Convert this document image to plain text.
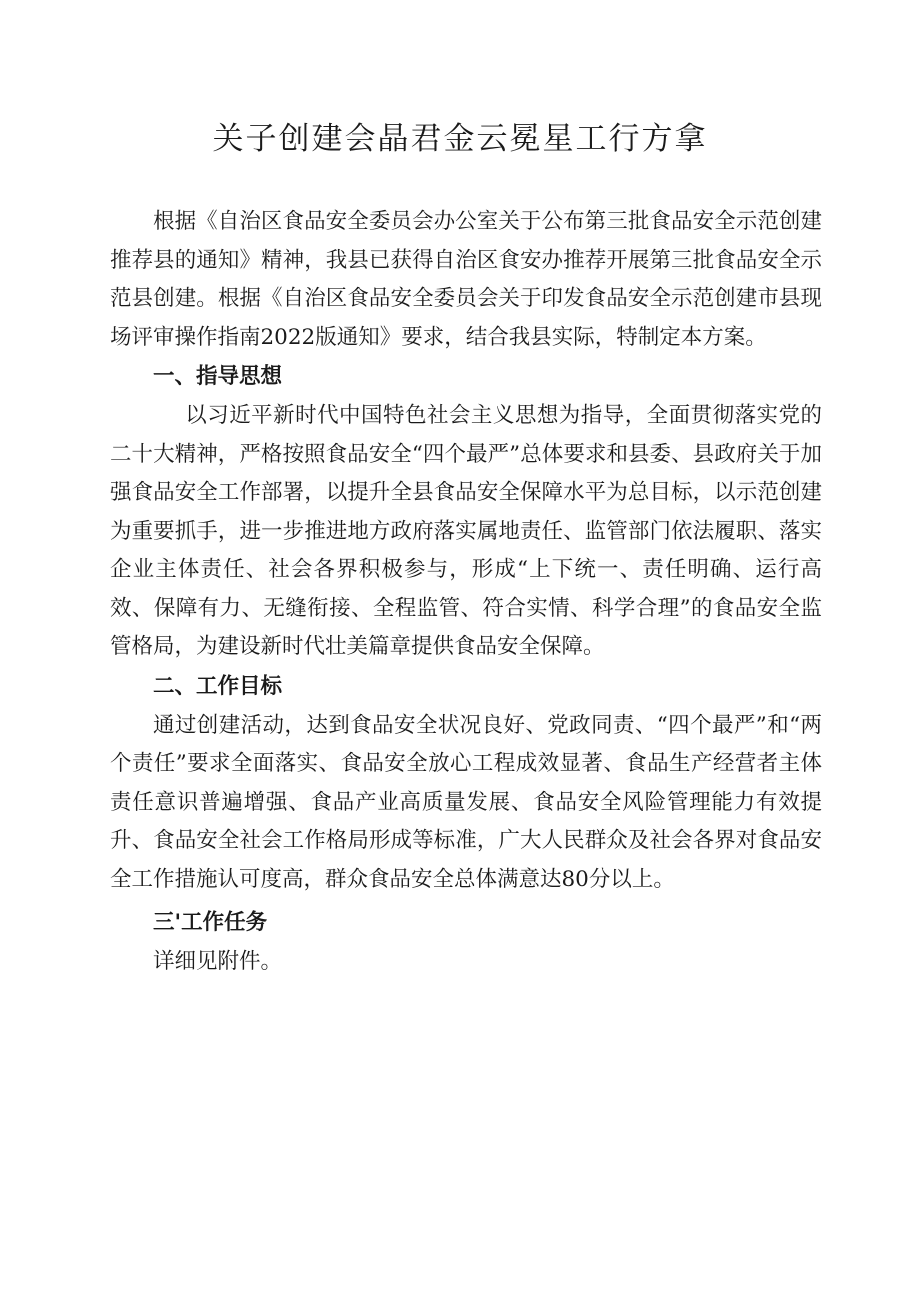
关子创建会晶君金云冕星工行方拿

根据《自治区食品安全委员会办公室关于公布第三批食品安全示范创建推荐县的通知》精神，我县已获得自治区食安办推荐开展第三批食品安全示范县创建。根据《自治区食品安全委员会关于印发食品安全示范创建市县现场评审操作指南2022版通知》要求，结合我县实际，特制定本方案。

一、指导思想

以习近平新时代中国特色社会主义思想为指导，全面贯彻落实党的二十大精神，严格按照食品安全“四个最严”总体要求和县委、县政府关于加强食品安全工作部署，以提升全县食品安全保障水平为总目标，以示范创建为重要抓手，进一步推进地方政府落实属地责任、监管部门依法履职、落实企业主体责任、社会各界积极参与，形成“上下统一、责任明确、运行高效、保障有力、无缝衔接、全程监管、符合实情、科学合理”的食品安全监管格局，为建设新时代壮美篇章提供食品安全保障。

二、工作目标

通过创建活动，达到食品安全状况良好、党政同责、“四个最严”和“两个责任”要求全面落实、食品安全放心工程成效显著、食品生产经营者主体责任意识普遍增强、食品产业高质量发展、食品安全风险管理能力有效提升、食品安全社会工作格局形成等标准，广大人民群众及社会各界对食品安全工作措施认可度高，群众食品安全总体满意达80分以上。

三'工作任务

详细见附件。
